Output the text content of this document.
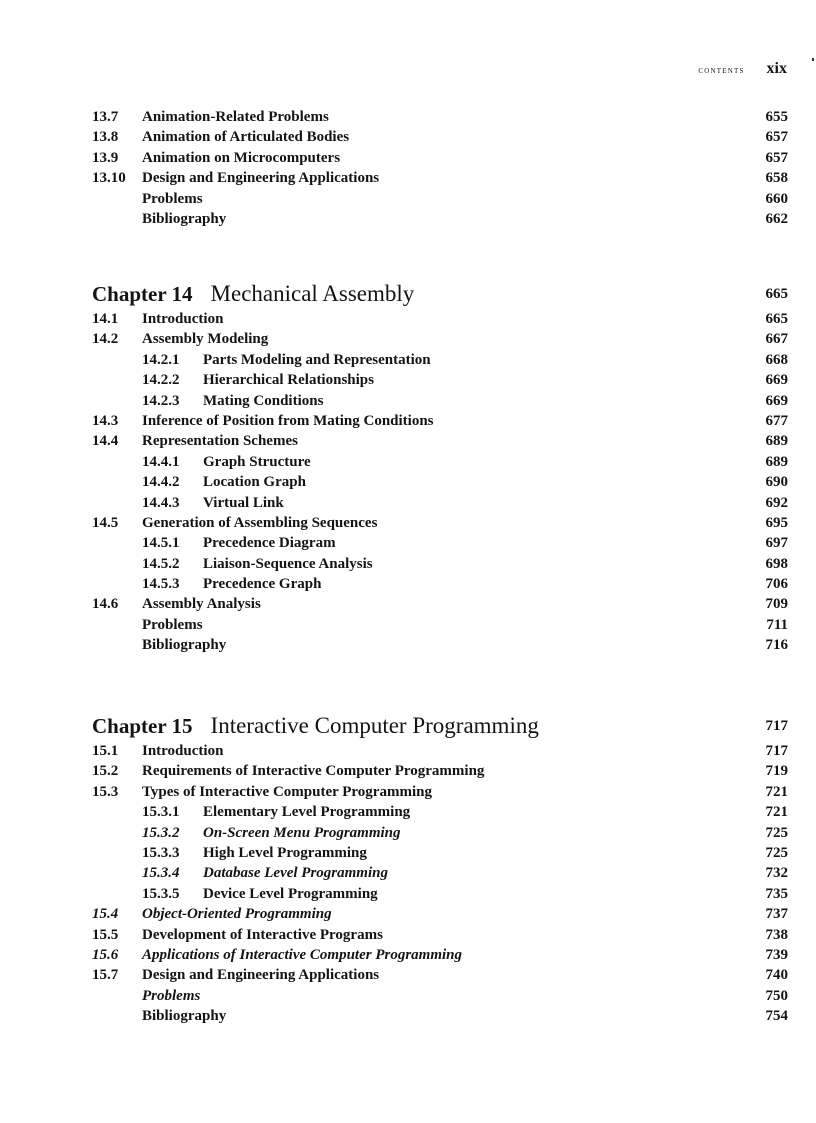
contents xix
13.7 Animation-Related Problems	655
13.8 Animation of Articulated Bodies	657
13.9 Animation on Microcomputers	657
13.10 Design and Engineering Applications	658
Problems	660
Bibliography	662
Chapter 14 Mechanical Assembly	665
14.1 Introduction	665
14.2 Assembly Modeling	667
14.2.1 Parts Modeling and Representation	668
14.2.2 Hierarchical Relationships	669
14.2.3 Mating Conditions	669
14.3 Inference of Position from Mating Conditions	677
14.4 Representation Schemes	689
14.4.1 Graph Structure	689
14.4.2 Location Graph	690
14.4.3 Virtual Link	692
14.5 Generation of Assembling Sequences	695
14.5.1 Precedence Diagram	697
14.5.2 Liaison-Sequence Analysis	698
14.5.3 Precedence Graph	706
14.6 Assembly Analysis	709
Problems	711
Bibliography	716
Chapter 15 Interactive Computer Programming	717
15.1 Introduction	717
15.2 Requirements of Interactive Computer Programming	719
15.3 Types of Interactive Computer Programming	721
15.3.1 Elementary Level Programming	721
15.3.2 On-Screen Menu Programming	725
15.3.3 High Level Programming	725
15.3.4 Database Level Programming	732
15.3.5 Device Level Programming	735
15.4 Object-Oriented Programming	737
15.5 Development of Interactive Programs	738
15.6 Applications of Interactive Computer Programming	739
15.7 Design and Engineering Applications	740
Problems	750
Bibliography	754
